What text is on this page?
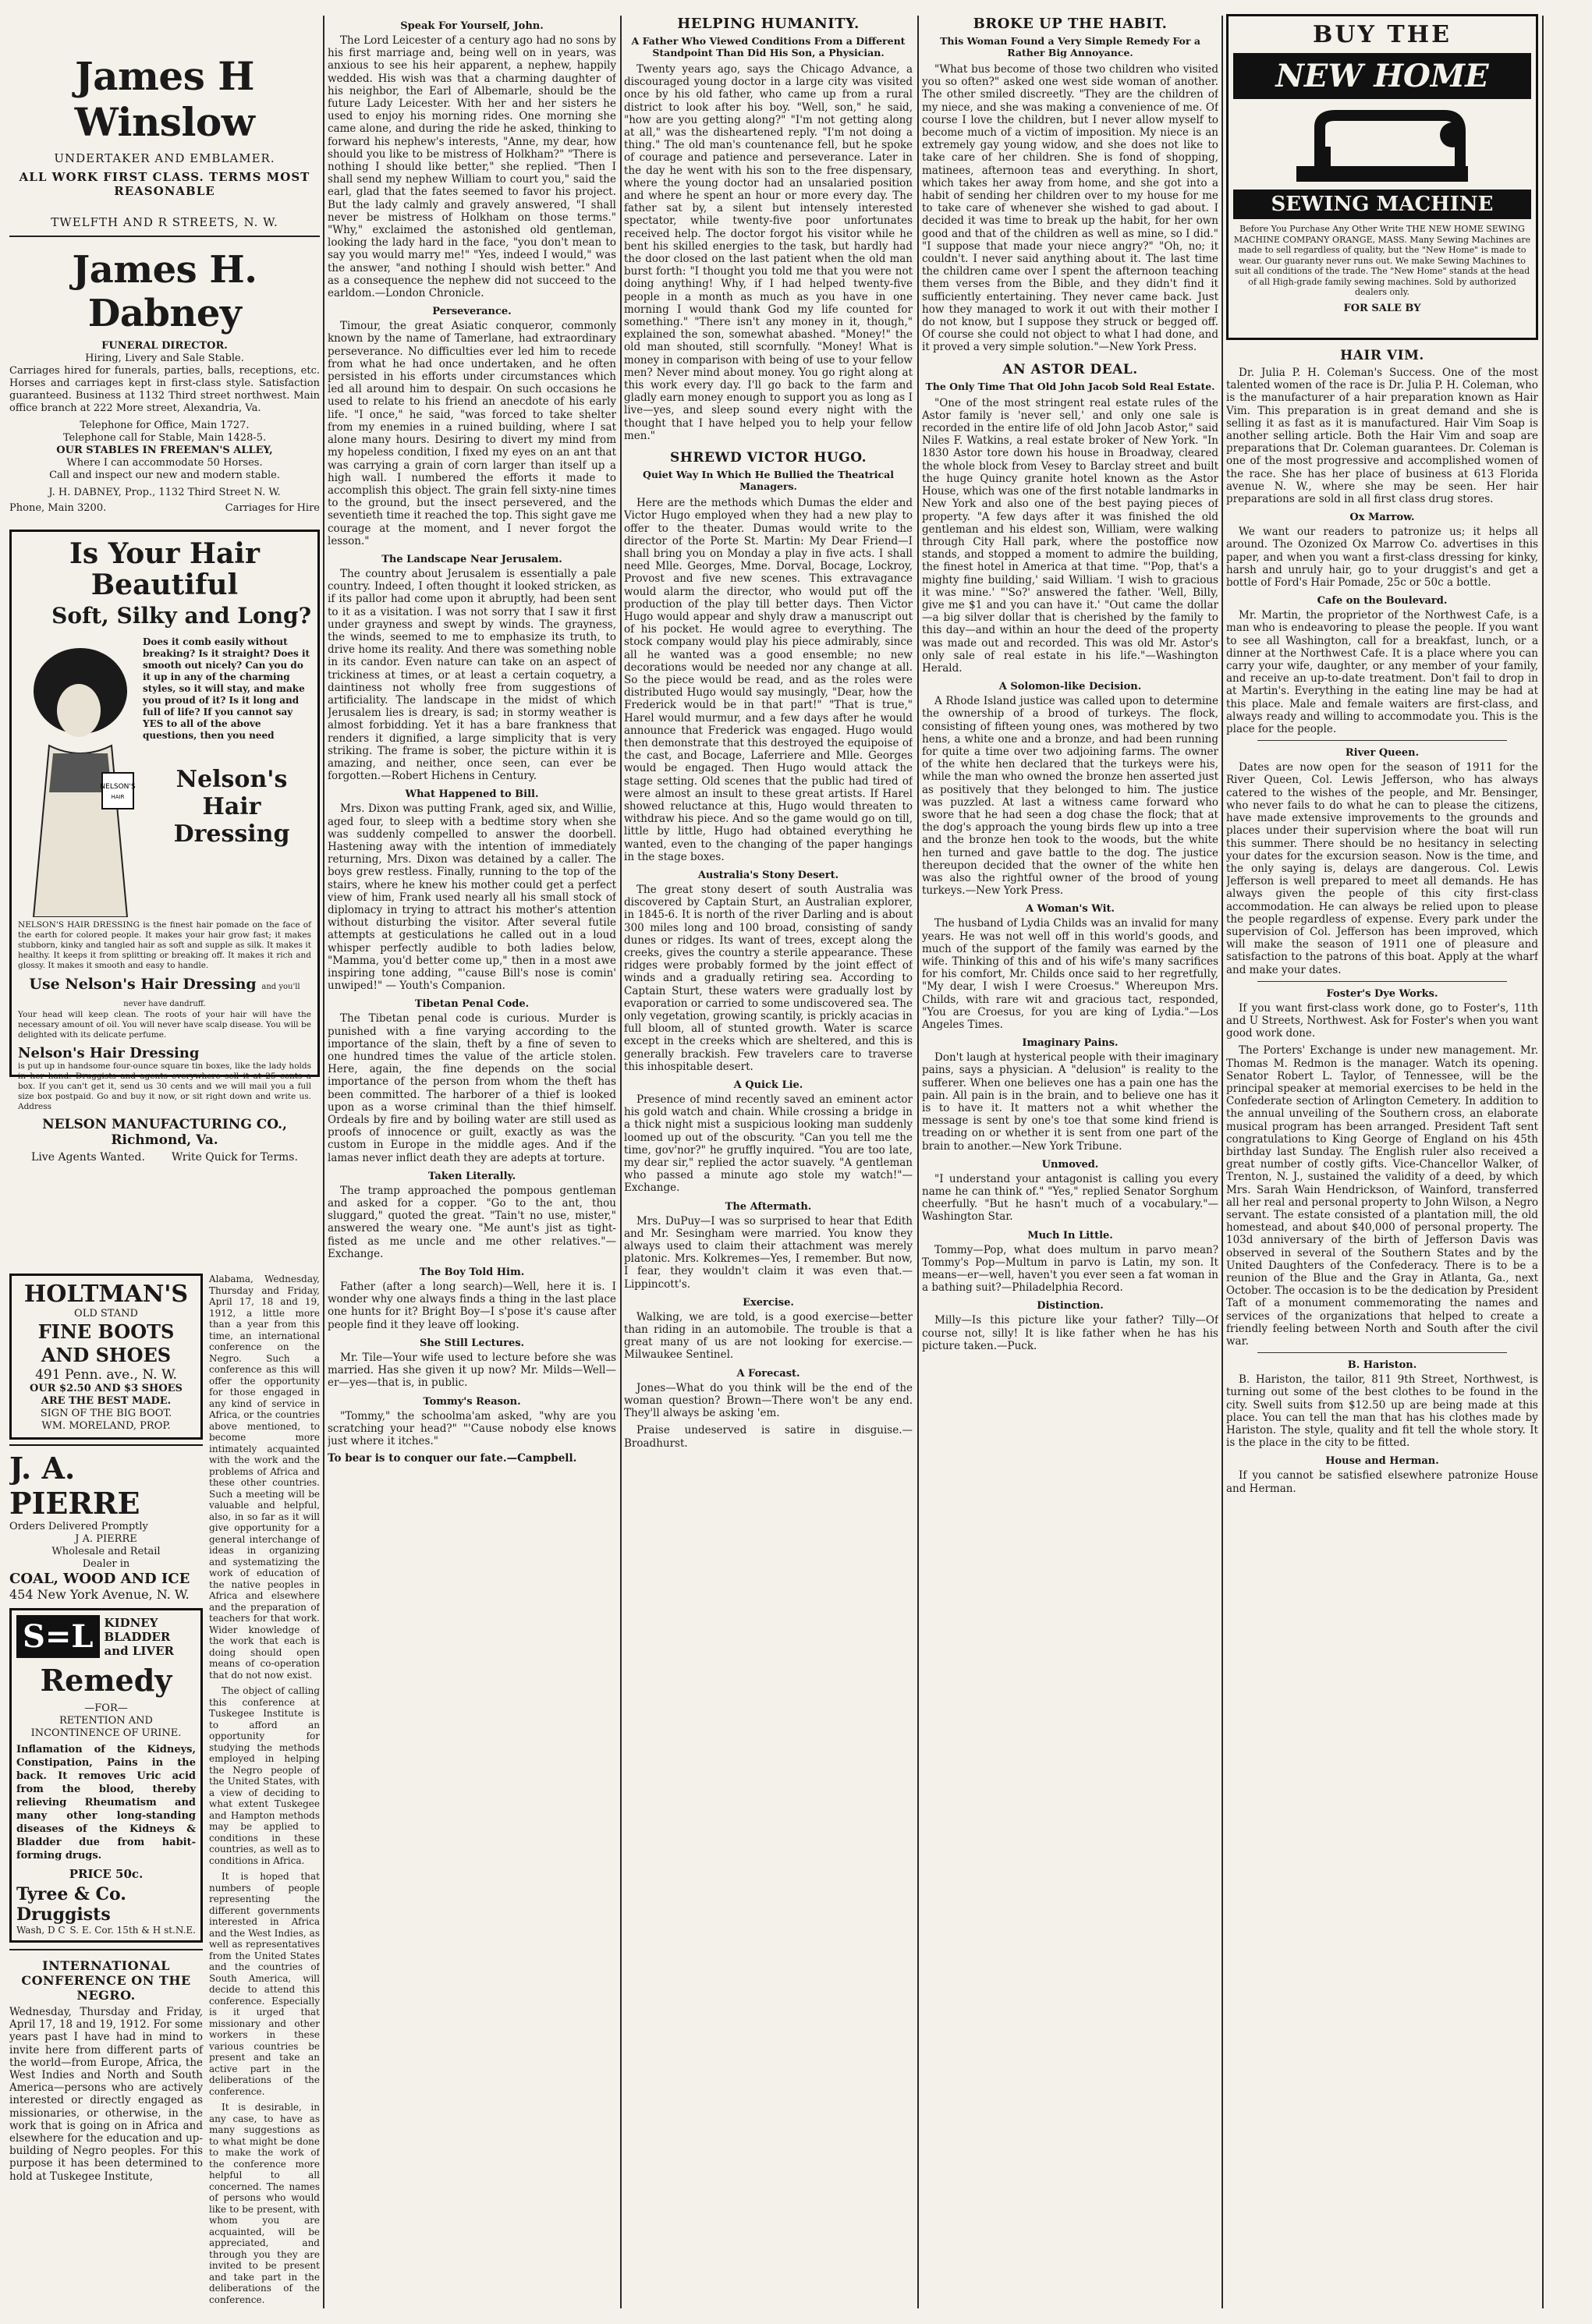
James H Winslow
UNDERTAKER AND EMBLAMER.
ALL WORK FIRST CLASS. TERMS MOST REASONABLE
TWELFTH AND R STREETS, N. W.
James H. Dabney
FUNERAL DIRECTOR.
Hiring, Livery and Sale Stable.

Carriages hired for funerals, parties, balls, receptions, etc. Horses and carriages kept in first-class style. Satisfaction guaranteed. Business at 1132 Third street northwest. Main office branch at 222 More street, Alexandria, Va.

Telephone for Office, Main 1727.
Telephone call for Stable, Main 1428-5.
OUR STABLES IN FREEMAN'S ALLEY,
Where I can accommodate 50 Horses.
Call and inspect our new and modern stable.
J. H. DABNEY, Prop., 1132 Third Street N. W.
Phone, Main 3200.	Carriages for Hire
Is Your Hair Beautiful
Soft, Silky and Long?
NELSON'S
HAIR
Does it comb easily without breaking? Is it straight? Does it smooth out nicely? Can you do it up in any of the charming styles, so it will stay, and make you proud of it? Is it long and full of life? If you cannot say YES to all of the above questions, then you need
Nelson's
Hair Dressing

NELSON'S HAIR DRESSING is the finest hair pomade on the face of the earth for colored people. It makes your hair grow fast; it makes stubborn, kinky and tangled hair as soft and supple as silk. It makes it healthy. It keeps it from splitting or breaking off. It makes it rich and glossy. It makes it smooth and easy to handle.

Use Nelson's Hair Dressing and you'll never have dandruff.

Your head will keep clean. The roots of your hair will have the necessary amount of oil. You will never have scalp disease. You will be delighted with its delicate perfume.

Nelson's Hair Dressing

is put up in handsome four-ounce square tin boxes, like the lady holds in her hand. Druggists and agents everywhere sell it at 25 cents a box. If you can't get it, send us 30 cents and we will mail you a full size box postpaid. Go and buy it now, or sit right down and write us. Address

NELSON MANUFACTURING CO., Richmond, Va.
Live Agents Wanted. Write Quick for Terms.
HOLTMAN'S
OLD STAND
FINE BOOTS AND SHOES
491 Penn. ave., N. W.
OUR $2.50 AND $3 SHOES ARE THE BEST MADE.
SIGN OF THE BIG BOOT.
WM. MORELAND, PROP.
J. A. PIERRE
Orders Delivered Promptly
J A. PIERRE
Wholesale and Retail
Dealer in
COAL, WOOD AND ICE
454 New York Avenue, N. W.
S=L KIDNEY BLADDER and LIVER
Remedy
—FOR—
RETENTION AND INCONTINENCE OF URINE.

Inflamation of the Kidneys, Constipation, Pains in the back. It removes Uric acid from the blood, thereby relieving Rheumatism and many other long-standing diseases of the Kidneys & Bladder due from habit-forming drugs.

PRICE 50c.
Tyree & Co. Druggists
Wash, D C S. E. Cor. 15th & H st.N.E.
INTERNATIONAL CONFERENCE ON THE NEGRO.

Wednesday, Thursday and Friday, April 17, 18 and 19, 1912. For some years past I have had in mind to invite here from different parts of the world—from Europe, Africa, the West Indies and North and South America—persons who are actively interested or directly engaged as missionaries, or otherwise, in the work that is going on in Africa and elsewhere for the education and up-building of Negro peoples. For this purpose it has been determined to hold at Tuskegee Institute,

Alabama, Wednesday, Thursday and Friday, April 17, 18 and 19, 1912, a little more than a year from this time, an international conference on the Negro. Such a conference as this will offer the opportunity for those engaged in any kind of service in Africa, or the countries above mentioned, to become more intimately acquainted with the work and the problems of Africa and these other countries. Such a meeting will be valuable and helpful, also, in so far as it will give opportunity for a general interchange of ideas in organizing and systematizing the work of education of the native peoples in Africa and elsewhere and the preparation of teachers for that work. Wider knowledge of the work that each is doing should open means of co-operation that do not now exist.

The object of calling this conference at Tuskegee Institute is to afford an opportunity for studying the methods employed in helping the Negro people of the United States, with a view of deciding to what extent Tuskegee and Hampton methods may be applied to conditions in these countries, as well as to conditions in Africa.

It is hoped that numbers of people representing the different governments interested in Africa and the West Indies, as well as representatives from the United States and the countries of South America, will decide to attend this conference. Especially is it urged that missionary and other workers in these various countries be present and take an active part in the deliberations of the conference.

It is desirable, in any case, to have as many suggestions as to what might be done to make the work of the conference more helpful to all concerned. The names of persons who would like to be present, with whom you are acquainted, will be appreciated, and through you they are invited to be present and take part in the deliberations of the conference.

Speak For Yourself, John.

The Lord Leicester of a century ago had no sons by his first marriage and, being well on in years, was anxious to see his heir apparent, a nephew, happily wedded. His wish was that a charming daughter of his neighbor, the Earl of Albemarle, should be the future Lady Leicester. With her and her sisters he used to enjoy his morning rides. One morning she came alone, and during the ride he asked, thinking to forward his nephew's interests, "Anne, my dear, how should you like to be mistress of Holkham?" "There is nothing I should like better," she replied. "Then I shall send my nephew William to court you," said the earl, glad that the fates seemed to favor his project. But the lady calmly and gravely answered, "I shall never be mistress of Holkham on those terms." "Why," exclaimed the astonished old gentleman, looking the lady hard in the face, "you don't mean to say you would marry me!" "Yes, indeed I would," was the answer, "and nothing I should wish better." And as a consequence the nephew did not succeed to the earldom.—London Chronicle.

Perseverance.

Timour, the great Asiatic conqueror, commonly known by the name of Tamerlane, had extraordinary perseverance. No difficulties ever led him to recede from what he had once undertaken, and he often persisted in his efforts under circumstances which led all around him to despair. On such occasions he used to relate to his friend an anecdote of his early life. "I once," he said, "was forced to take shelter from my enemies in a ruined building, where I sat alone many hours. Desiring to divert my mind from my hopeless condition, I fixed my eyes on an ant that was carrying a grain of corn larger than itself up a high wall. I numbered the efforts it made to accomplish this object. The grain fell sixty-nine times to the ground, but the insect persevered, and the seventieth time it reached the top. This sight gave me courage at the moment, and I never forgot the lesson."

The Landscape Near Jerusalem.

The country about Jerusalem is essentially a pale country. Indeed, I often thought it looked stricken, as if its pallor had come upon it abruptly, had been sent to it as a visitation. I was not sorry that I saw it first under grayness and swept by winds. The grayness, the winds, seemed to me to emphasize its truth, to drive home its reality. And there was something noble in its candor. Even nature can take on an aspect of trickiness at times, or at least a certain coquetry, a daintiness not wholly free from suggestions of artificiality. The landscape in the midst of which Jerusalem lies is dreary, is sad; in stormy weather is almost forbidding. Yet it has a bare frankness that renders it dignified, a large simplicity that is very striking. The frame is sober, the picture within it is amazing, and neither, once seen, can ever be forgotten.—Robert Hichens in Century.

What Happened to Bill.

Mrs. Dixon was putting Frank, aged six, and Willie, aged four, to sleep with a bedtime story when she was suddenly compelled to answer the doorbell. Hastening away with the intention of immediately returning, Mrs. Dixon was detained by a caller. The boys grew restless. Finally, running to the top of the stairs, where he knew his mother could get a perfect view of him, Frank used nearly all his small stock of diplomacy in trying to attract his mother's attention without disturbing the visitor. After several futile attempts at gesticulations he called out in a loud whisper perfectly audible to both ladies below, "Mamma, you'd better come up," then in a most awe inspiring tone adding, "'cause Bill's nose is comin' unwiped!" — Youth's Companion.

Tibetan Penal Code.

The Tibetan penal code is curious. Murder is punished with a fine varying according to the importance of the slain, theft by a fine of seven to one hundred times the value of the article stolen. Here, again, the fine depends on the social importance of the person from whom the theft has been committed. The harborer of a thief is looked upon as a worse criminal than the thief himself. Ordeals by fire and by boiling water are still used as proofs of innocence or guilt, exactly as was the custom in Europe in the middle ages. And if the lamas never inflict death they are adepts at torture.

Taken Literally.

The tramp approached the pompous gentleman and asked for a copper. "Go to the ant, thou sluggard," quoted the great. "Tain't no use, mister," answered the weary one. "Me aunt's jist as tight-fisted as me uncle and me other relatives."—Exchange.

The Boy Told Him.

Father (after a long search)—Well, here it is. I wonder why one always finds a thing in the last place one hunts for it? Bright Boy—I s'pose it's cause after people find it they leave off looking.

She Still Lectures.

Mr. Tile—Your wife used to lecture before she was married. Has she given it up now? Mr. Milds—Well—er—yes—that is, in public.

Tommy's Reason.

"Tommy," the schoolma'am asked, "why are you scratching your head?" "'Cause nobody else knows just where it itches."

To bear is to conquer our fate.—Campbell.

HELPING HUMANITY.
A Father Who Viewed Conditions From a Different Standpoint Than Did His Son, a Physician.

Twenty years ago, says the Chicago Advance, a discouraged young doctor in a large city was visited once by his old father, who came up from a rural district to look after his boy. "Well, son," he said, "how are you getting along?" "I'm not getting along at all," was the disheartened reply. "I'm not doing a thing." The old man's countenance fell, but he spoke of courage and patience and perseverance. Later in the day he went with his son to the free dispensary, where the young doctor had an unsalaried position and where he spent an hour or more every day. The father sat by, a silent but intensely interested spectator, while twenty-five poor unfortunates received help. The doctor forgot his visitor while he bent his skilled energies to the task, but hardly had the door closed on the last patient when the old man burst forth: "I thought you told me that you were not doing anything! Why, if I had helped twenty-five people in a month as much as you have in one morning I would thank God my life counted for something." "There isn't any money in it, though," explained the son, somewhat abashed. "Money!" the old man shouted, still scornfully. "Money! What is money in comparison with being of use to your fellow men? Never mind about money. You go right along at this work every day. I'll go back to the farm and gladly earn money enough to support you as long as I live—yes, and sleep sound every night with the thought that I have helped you to help your fellow men."

SHREWD VICTOR HUGO.
Quiet Way In Which He Bullied the Theatrical Managers.

Here are the methods which Dumas the elder and Victor Hugo employed when they had a new play to offer to the theater. Dumas would write to the director of the Porte St. Martin: My Dear Friend—I shall bring you on Monday a play in five acts. I shall need Mlle. Georges, Mme. Dorval, Bocage, Lockroy, Provost and five new scenes. This extravagance would alarm the director, who would put off the production of the play till better days. Then Victor Hugo would appear and shyly draw a manuscript out of his pocket. He would agree to everything. The stock company would play his piece admirably, since all he wanted was a good ensemble; no new decorations would be needed nor any change at all. So the piece would be read, and as the roles were distributed Hugo would say musingly, "Dear, how the Frederick would be in that part!" "That is true," Harel would murmur, and a few days after he would announce that Frederick was engaged. Hugo would then demonstrate that this destroyed the equipoise of the cast, and Bocage, Laferriere and Mlle. Georges would be engaged. Then Hugo would attack the stage setting. Old scenes that the public had tired of were almost an insult to these great artists. If Harel showed reluctance at this, Hugo would threaten to withdraw his piece. And so the game would go on till, little by little, Hugo had obtained everything he wanted, even to the changing of the paper hangings in the stage boxes.

Australia's Stony Desert.

The great stony desert of south Australia was discovered by Captain Sturt, an Australian explorer, in 1845-6. It is north of the river Darling and is about 300 miles long and 100 broad, consisting of sandy dunes or ridges. Its want of trees, except along the creeks, gives the country a sterile appearance. These ridges were probably formed by the joint effect of winds and a gradually retiring sea. According to Captain Sturt, these waters were gradually lost by evaporation or carried to some undiscovered sea. The only vegetation, growing scantily, is prickly acacias in full bloom, all of stunted growth. Water is scarce except in the creeks which are sheltered, and this is generally brackish. Few travelers care to traverse this inhospitable desert.

A Quick Lie.

Presence of mind recently saved an eminent actor his gold watch and chain. While crossing a bridge in a thick night mist a suspicious looking man suddenly loomed up out of the obscurity. "Can you tell me the time, gov'nor?" he gruffly inquired. "You are too late, my dear sir," replied the actor suavely. "A gentleman who passed a minute ago stole my watch!"—Exchange.

The Aftermath.

Mrs. DuPuy—I was so surprised to hear that Edith and Mr. Sesingham were married. You know they always used to claim their attachment was merely platonic. Mrs. Kolkremes—Yes, I remember. But now, I fear, they wouldn't claim it was even that.—Lippincott's.

Exercise.

Walking, we are told, is a good exercise—better than riding in an automobile. The trouble is that a great many of us are not looking for exercise.—Milwaukee Sentinel.

A Forecast.

Jones—What do you think will be the end of the woman question? Brown—There won't be any end. They'll always be asking 'em.

Praise undeserved is satire in disguise.—Broadhurst.

BROKE UP THE HABIT.
This Woman Found a Very Simple Remedy For a Rather Big Annoyance.

"What bus become of those two children who visited you so often?" asked one west side woman of another. The other smiled discreetly. "They are the children of my niece, and she was making a convenience of me. Of course I love the children, but I never allow myself to become much of a victim of imposition. My niece is an extremely gay young widow, and she does not like to take care of her children. She is fond of shopping, matinees, afternoon teas and everything. In short, which takes her away from home, and she got into a habit of sending her children over to my house for me to take care of whenever she wished to gad about. I decided it was time to break up the habit, for her own good and that of the children as well as mine, so I did." "I suppose that made your niece angry?" "Oh, no; it couldn't. I never said anything about it. The last time the children came over I spent the afternoon teaching them verses from the Bible, and they didn't find it sufficiently entertaining. They never came back. Just how they managed to work it out with their mother I do not know, but I suppose they struck or begged off. Of course she could not object to what I had done, and it proved a very simple solution."—New York Press.

AN ASTOR DEAL.
The Only Time That Old John Jacob Sold Real Estate.

"One of the most stringent real estate rules of the Astor family is 'never sell,' and only one sale is recorded in the entire life of old John Jacob Astor," said Niles F. Watkins, a real estate broker of New York. "In 1830 Astor tore down his house in Broadway, cleared the whole block from Vesey to Barclay street and built the huge Quincy granite hotel known as the Astor House, which was one of the first notable landmarks in New York and also one of the best paying pieces of property. "A few days after it was finished the old gentleman and his eldest son, William, were walking through City Hall park, where the postoffice now stands, and stopped a moment to admire the building, the finest hotel in America at that time. "'Pop, that's a mighty fine building,' said William. 'I wish to gracious it was mine.' "'So?' answered the father. 'Well, Billy, give me $1 and you can have it.' "Out came the dollar—a big silver dollar that is cherished by the family to this day—and within an hour the deed of the property was made out and recorded. This was old Mr. Astor's only sale of real estate in his life."—Washington Herald.

A Solomon-like Decision.

A Rhode Island justice was called upon to determine the ownership of a brood of turkeys. The flock, consisting of fifteen young ones, was mothered by two hens, a white one and a bronze, and had been running for quite a time over two adjoining farms. The owner of the white hen declared that the turkeys were his, while the man who owned the bronze hen asserted just as positively that they belonged to him. The justice was puzzled. At last a witness came forward who swore that he had seen a dog chase the flock; that at the dog's approach the young birds flew up into a tree and the bronze hen took to the woods, but the white hen turned and gave battle to the dog. The justice thereupon decided that the owner of the white hen was also the rightful owner of the brood of young turkeys.—New York Press.

A Woman's Wit.

The husband of Lydia Childs was an invalid for many years. He was not well off in this world's goods, and much of the support of the family was earned by the wife. Thinking of this and of his wife's many sacrifices for his comfort, Mr. Childs once said to her regretfully, "My dear, I wish I were Croesus." Whereupon Mrs. Childs, with rare wit and gracious tact, responded, "You are Croesus, for you are king of Lydia."—Los Angeles Times.

Imaginary Pains.

Don't laugh at hysterical people with their imaginary pains, says a physician. A "delusion" is reality to the sufferer. When one believes one has a pain one has the pain. All pain is in the brain, and to believe one has it is to have it. It matters not a whit whether the message is sent by one's toe that some kind friend is treading on or whether it is sent from one part of the brain to another.—New York Tribune.

Unmoved.

"I understand your antagonist is calling you every name he can think of." "Yes," replied Senator Sorghum cheerfully. "But he hasn't much of a vocabulary."—Washington Star.

Much In Little.

Tommy—Pop, what does multum in parvo mean? Tommy's Pop—Multum in parvo is Latin, my son. It means—er—well, haven't you ever seen a fat woman in a bathing suit?—Philadelphia Record.

Distinction.

Milly—Is this picture like your father? Tilly—Of course not, silly! It is like father when he has his picture taken.—Puck.

BUY THE
NEW HOME
SEWING MACHINE

Before You Purchase Any Other Write THE NEW HOME SEWING MACHINE COMPANY ORANGE, MASS. Many Sewing Machines are made to sell regardless of quality, but the "New Home" is made to wear. Our guaranty never runs out. We make Sewing Machines to suit all conditions of the trade. The "New Home" stands at the head of all High-grade family sewing machines. Sold by authorized dealers only.

FOR SALE BY
HAIR VIM.

Dr. Julia P. H. Coleman's Success. One of the most talented women of the race is Dr. Julia P. H. Coleman, who is the manufacturer of a hair preparation known as Hair Vim. This preparation is in great demand and she is selling it as fast as it is manufactured. Hair Vim Soap is another selling article. Both the Hair Vim and soap are preparations that Dr. Coleman guarantees. Dr. Coleman is one of the most progressive and accomplished women of the race. She has her place of business at 613 Florida avenue N. W., where she may be seen. Her hair preparations are sold in all first class drug stores.

Ox Marrow.

We want our readers to patronize us; it helps all around. The Ozonized Ox Marrow Co. advertises in this paper, and when you want a first-class dressing for kinky, harsh and unruly hair, go to your druggist's and get a bottle of Ford's Hair Pomade, 25c or 50c a bottle.

Cafe on the Boulevard.

Mr. Martin, the proprietor of the Northwest Cafe, is a man who is endeavoring to please the people. If you want to see all Washington, call for a breakfast, lunch, or a dinner at the Northwest Cafe. It is a place where you can carry your wife, daughter, or any member of your family, and receive an up-to-date treatment. Don't fail to drop in at Martin's. Everything in the eating line may be had at this place. Male and female waiters are first-class, and always ready and willing to accommodate you. This is the place for the people.

River Queen.

Dates are now open for the season of 1911 for the River Queen, Col. Lewis Jefferson, who has always catered to the wishes of the people, and Mr. Bensinger, who never fails to do what he can to please the citizens, have made extensive improvements to the grounds and places under their supervision where the boat will run this summer. There should be no hesitancy in selecting your dates for the excursion season. Now is the time, and the only saying is, delays are dangerous. Col. Lewis Jefferson is well prepared to meet all demands. He has always given the people of this city first-class accommodation. He can always be relied upon to please the people regardless of expense. Every park under the supervision of Col. Jefferson has been improved, which will make the season of 1911 one of pleasure and satisfaction to the patrons of this boat. Apply at the wharf and make your dates.

Foster's Dye Works.

If you want first-class work done, go to Foster's, 11th and U Streets, Northwest. Ask for Foster's when you want good work done.

The Porters' Exchange is under new management. Mr. Thomas M. Redmon is the manager. Watch its opening. Senator Robert L. Taylor, of Tennessee, will be the principal speaker at memorial exercises to be held in the Confederate section of Arlington Cemetery. In addition to the annual unveiling of the Southern cross, an elaborate musical program has been arranged. President Taft sent congratulations to King George of England on his 45th birthday last Sunday. The English ruler also received a great number of costly gifts. Vice-Chancellor Walker, of Trenton, N. J., sustained the validity of a deed, by which Mrs. Sarah Wain Hendrickson, of Wainford, transferred all her real and personal property to John Wilson, a Negro servant. The estate consisted of a plantation mill, the old homestead, and about $40,000 of personal property. The 103d anniversary of the birth of Jefferson Davis was observed in several of the Southern States and by the United Daughters of the Confederacy. There is to be a reunion of the Blue and the Gray in Atlanta, Ga., next October. The occasion is to be the dedication by President Taft of a monument commemorating the names and services of the organizations that helped to create a friendly feeling between North and South after the civil war.

B. Hariston.

B. Hariston, the tailor, 811 9th Street, Northwest, is turning out some of the best clothes to be found in the city. Swell suits from $12.50 up are being made at this place. You can tell the man that has his clothes made by Hariston. The style, quality and fit tell the whole story. It is the place in the city to be fitted.

House and Herman.

If you cannot be satisfied elsewhere patronize House and Herman.
